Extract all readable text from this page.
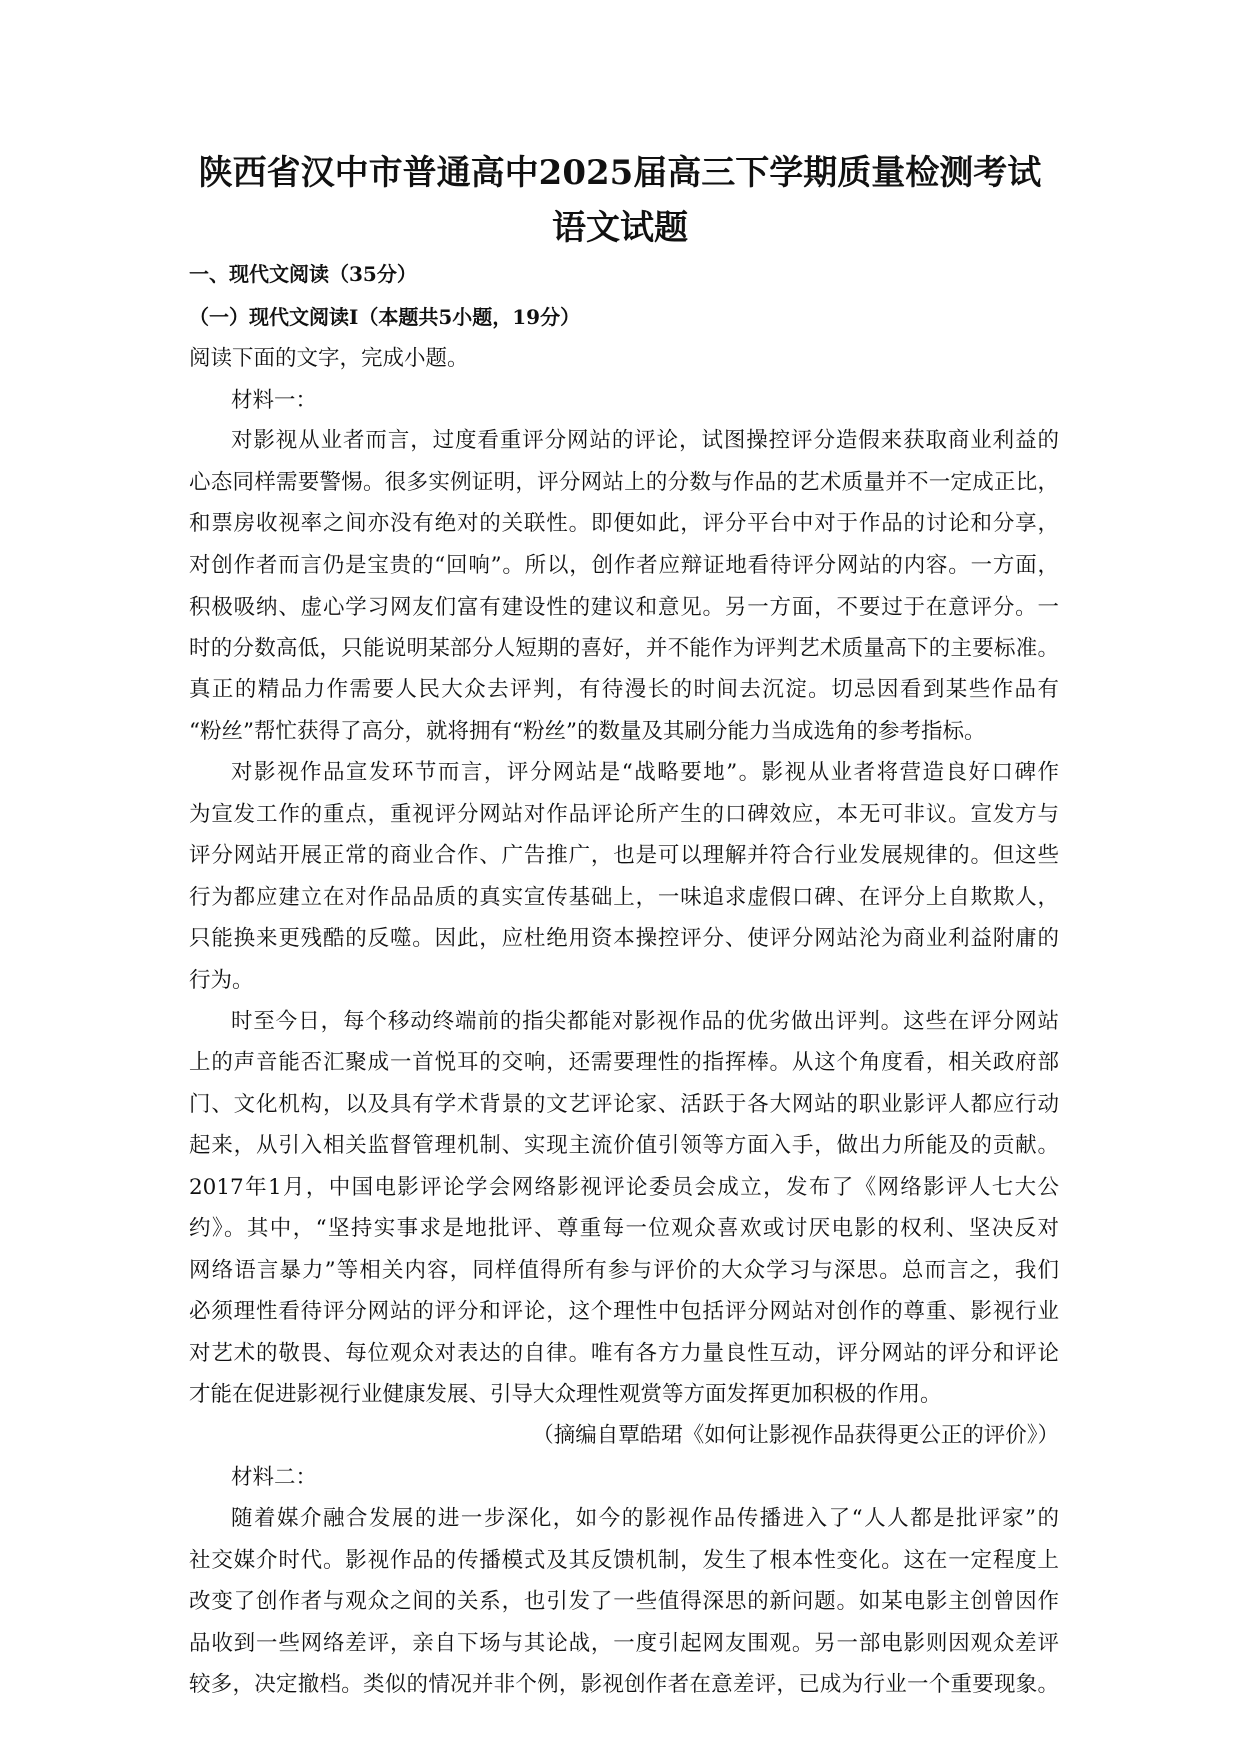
陕西省汉中市普通高中2025届高三下学期质量检测考试
语文试题

一、现代文阅读（35分）

（一）现代文阅读I（本题共5小题，19分）

阅读下面的文字，完成小题。

材料一：

对影视从业者而言，过度看重评分网站的评论，试图操控评分造假来获取商业利益的

心态同样需要警惕。很多实例证明，评分网站上的分数与作品的艺术质量并不一定成正比，

和票房收视率之间亦没有绝对的关联性。即便如此，评分平台中对于作品的讨论和分享，

对创作者而言仍是宝贵的“回响”。所以，创作者应辩证地看待评分网站的内容。一方面，

积极吸纳、虚心学习网友们富有建设性的建议和意见。另一方面，不要过于在意评分。一

时的分数高低，只能说明某部分人短期的喜好，并不能作为评判艺术质量高下的主要标准。

真正的精品力作需要人民大众去评判，有待漫长的时间去沉淀。切忌因看到某些作品有

“粉丝”帮忙获得了高分，就将拥有“粉丝”的数量及其刷分能力当成选角的参考指标。

对影视作品宣发环节而言，评分网站是“战略要地”。影视从业者将营造良好口碑作

为宣发工作的重点，重视评分网站对作品评论所产生的口碑效应，本无可非议。宣发方与

评分网站开展正常的商业合作、广告推广，也是可以理解并符合行业发展规律的。但这些

行为都应建立在对作品品质的真实宣传基础上，一味追求虚假口碑、在评分上自欺欺人，

只能换来更残酷的反噬。因此，应杜绝用资本操控评分、使评分网站沦为商业利益附庸的

行为。

时至今日，每个移动终端前的指尖都能对影视作品的优劣做出评判。这些在评分网站

上的声音能否汇聚成一首悦耳的交响，还需要理性的指挥棒。从这个角度看，相关政府部

门、文化机构，以及具有学术背景的文艺评论家、活跃于各大网站的职业影评人都应行动

起来，从引入相关监督管理机制、实现主流价值引领等方面入手，做出力所能及的贡献。

2017年1月，中国电影评论学会网络影视评论委员会成立，发布了《网络影评人七大公

约》。其中，“坚持实事求是地批评、尊重每一位观众喜欢或讨厌电影的权利、坚决反对

网络语言暴力”等相关内容，同样值得所有参与评价的大众学习与深思。总而言之，我们

必须理性看待评分网站的评分和评论，这个理性中包括评分网站对创作的尊重、影视行业

对艺术的敬畏、每位观众对表达的自律。唯有各方力量良性互动，评分网站的评分和评论

才能在促进影视行业健康发展、引导大众理性观赏等方面发挥更加积极的作用。

（摘编自覃皓珺《如何让影视作品获得更公正的评价》）

材料二：

随着媒介融合发展的进一步深化，如今的影视作品传播进入了“人人都是批评家”的

社交媒介时代。影视作品的传播模式及其反馈机制，发生了根本性变化。这在一定程度上

改变了创作者与观众之间的关系，也引发了一些值得深思的新问题。如某电影主创曾因作

品收到一些网络差评，亲自下场与其论战，一度引起网友围观。另一部电影则因观众差评

较多，决定撤档。类似的情况并非个例，影视创作者在意差评，已成为行业一个重要现象。
